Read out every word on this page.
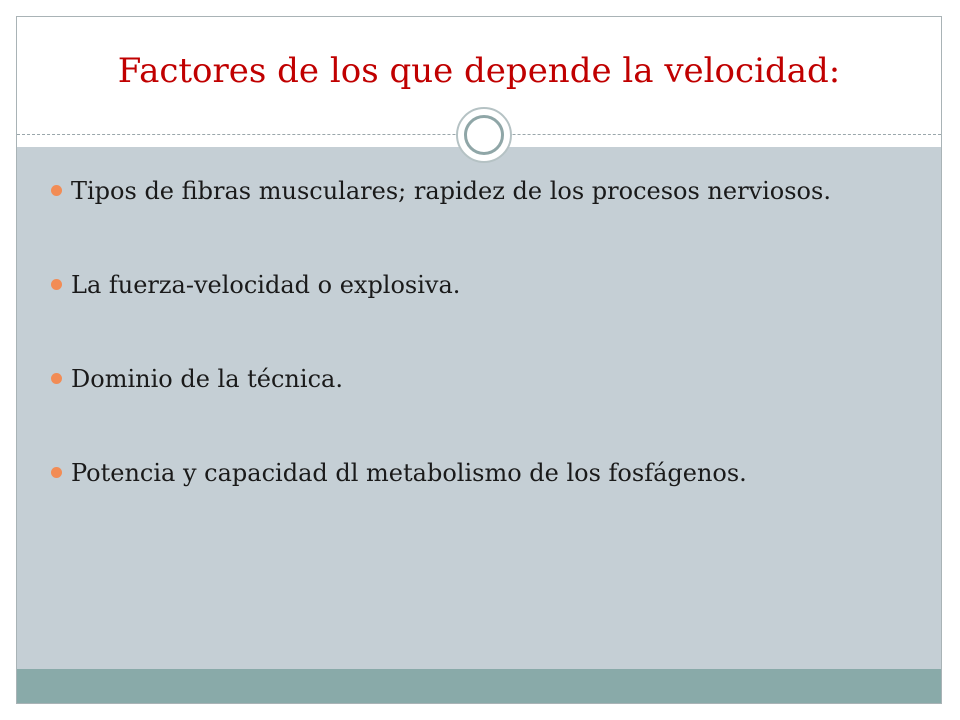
Factores de los que depende la velocidad:
Tipos de fibras musculares; rapidez de los procesos nerviosos.
La fuerza-velocidad o explosiva.
Dominio de la técnica.
Potencia y capacidad dl metabolismo de los fosfágenos.
